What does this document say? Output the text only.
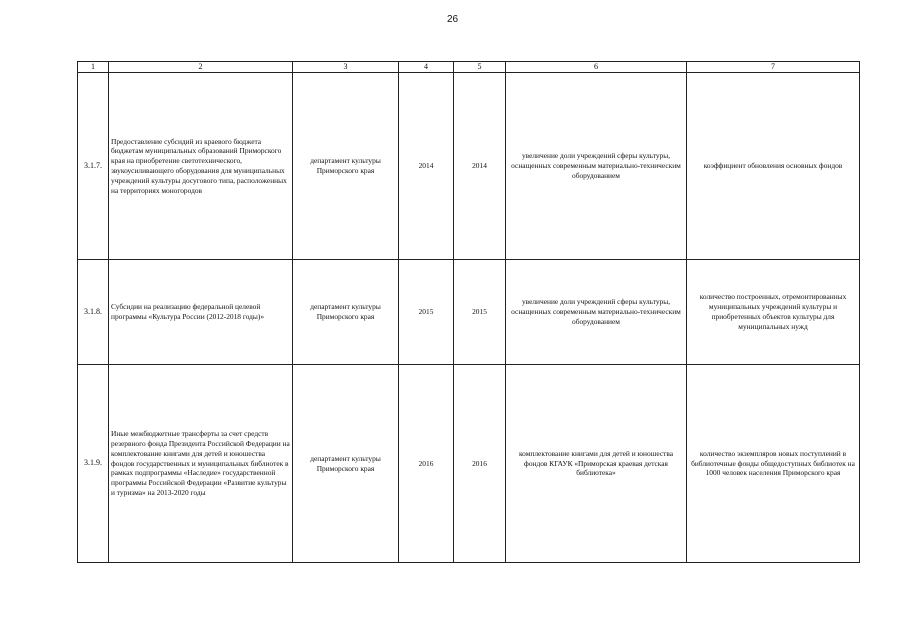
26
1	2	3	4	5	6	7
3.1.7.	Предоставление субсидий из краевого бюджета бюджетам муниципальных образований Приморского края на приобретение светотехнического, звукоусиливающего оборудования для муниципальных учреждений культуры досугового типа, расположенных на территориях моногородов	департамент культуры Приморского края	2014	2014	увеличение доли учреждений сферы культуры, оснащенных современным материально-техническим оборудованием	коэффициент обновления основных фондов
3.1.8.	Субсидии на реализацию федеральной целевой программы «Культура России (2012-2018 годы)»	департамент культуры Приморского края	2015	2015	увеличение доли учреждений сферы культуры, оснащенных современным материально-техническим оборудованием	количество построенных, отремонтированных муниципальных учреждений культуры и приобретенных объектов культуры для муниципальных нужд
3.1.9.	Иные межбюджетные трансферты за счет средств резервного фонда Президента Российской Федерации на комплектование книгами для детей и юношества фондов государственных и муниципальных библиотек в рамках подпрограммы «Наследие» государственной программы Российской Федерации «Развитие культуры и туризма» на 2013-2020 годы	департамент культуры Приморского края	2016	2016	комплектование книгами для детей и юношества фондов КГАУК «Приморская краевая детская библиотека»	количество экземпляров новых поступлений в библиотечные фонды общедоступных библиотек на 1000 человек населения Приморского края
